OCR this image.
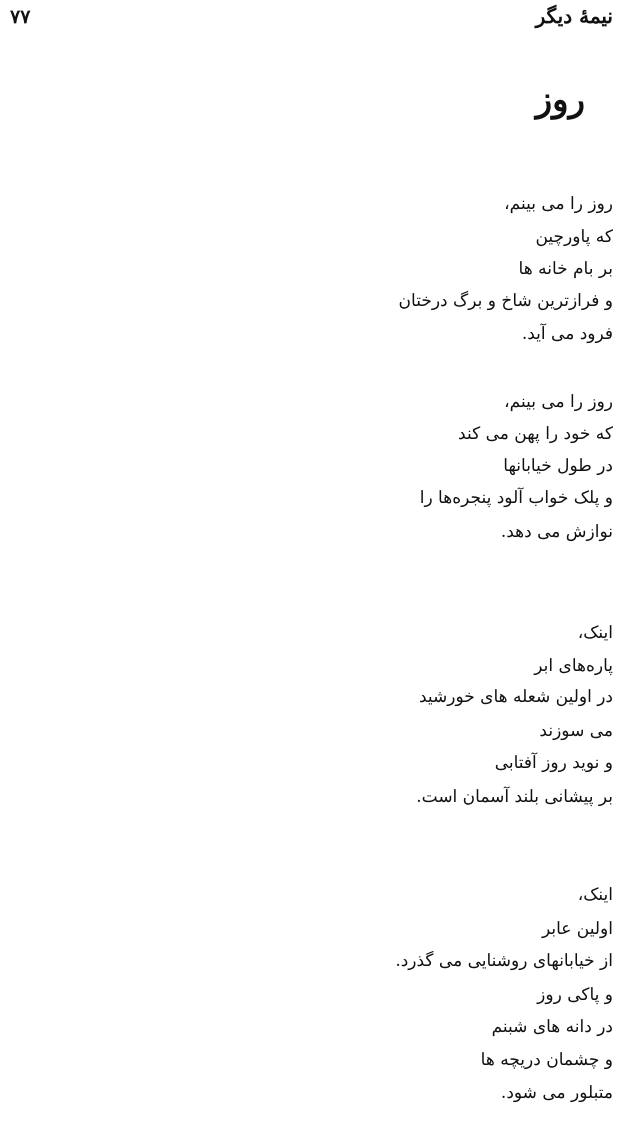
نیمهٔ دیگر
۷۷
روز
روز را می بینم،
که پاورچین
بر بام خانه ها
و فرازترین شاخ و برگ درختان
فرود می آید.
روز را می بینم،
که خود را پهن می کند
در طول خیابانها
و پلک خواب آلود پنجره‌ها را
نوازش می دهد.
اینک،
پاره‌های ابر
در اولین شعله های خورشید
می سوزند
و نوید روز آفتابی
بر پیشانی بلند آسمان است.
اینک،
اولین عابر
از خیابانهای روشنایی می گذرد.
و پاکی روز
در دانه های شبنم
و چشمان دریچه ها
متبلور می شود.
